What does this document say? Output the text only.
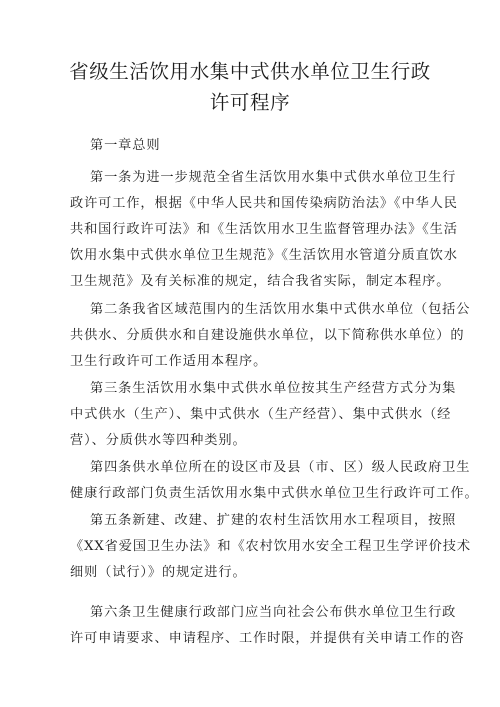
省级生活饮用水集中式供水单位卫生行政
许可程序

第一章总则

第一条为进一步规范全省生活饮用水集中式供水单位卫生行

政许可工作，根据《中华人民共和国传染病防治法》《中华人民

共和国行政许可法》和《生活饮用水卫生监督管理办法》《生活

饮用水集中式供水单位卫生规范》《生活饮用水管道分质直饮水

卫生规范》及有关标准的规定，结合我省实际，制定本程序。

第二条我省区域范围内的生活饮用水集中式供水单位（包括公

共供水、分质供水和自建设施供水单位，以下简称供水单位）的

卫生行政许可工作适用本程序。

第三条生活饮用水集中式供水单位按其生产经营方式分为集

中式供水（生产）、集中式供水（生产经营）、集中式供水（经

营）、分质供水等四种类别。

第四条供水单位所在的设区市及县（市、区）级人民政府卫生

健康行政部门负责生活饮用水集中式供水单位卫生行政许可工作。

第五条新建、改建、扩建的农村生活饮用水工程项目，按照

《XX省爱国卫生办法》和《农村饮用水安全工程卫生学评价技术

细则（试行）》的规定进行。

第六条卫生健康行政部门应当向社会公布供水单位卫生行政

许可申请要求、申请程序、工作时限，并提供有关申请工作的咨
